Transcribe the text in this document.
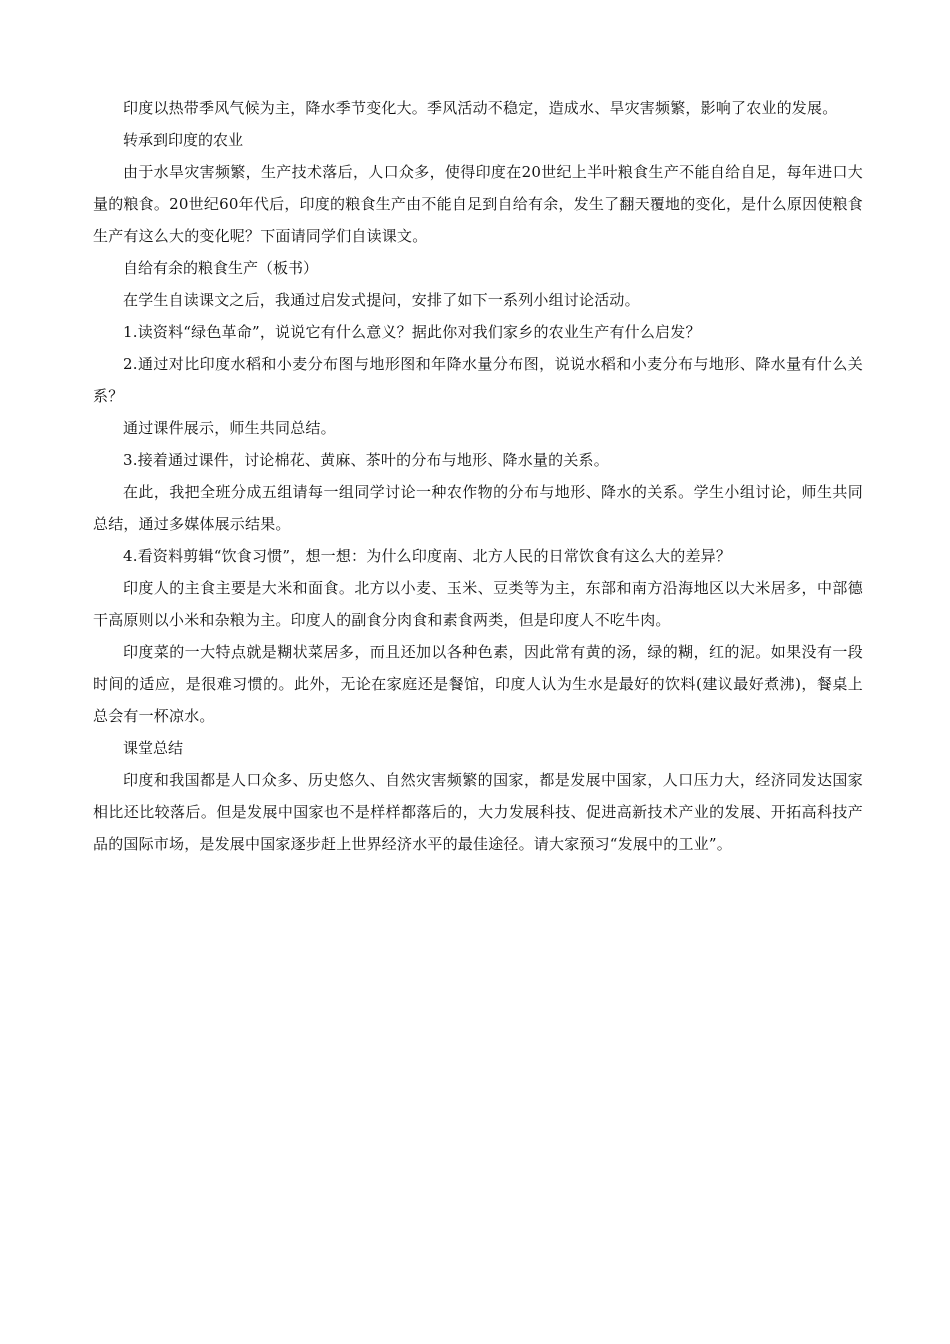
印度以热带季风气候为主，降水季节变化大。季风活动不稳定，造成水、旱灾害频繁，影响了农业的发展。

转承到印度的农业

由于水旱灾害频繁，生产技术落后，人口众多，使得印度在20世纪上半叶粮食生产不能自给自足，每年进口大量的粮食。20世纪60年代后，印度的粮食生产由不能自足到自给有余，发生了翻天覆地的变化，是什么原因使粮食生产有这么大的变化呢？下面请同学们自读课文。

自给有余的粮食生产（板书）

在学生自读课文之后，我通过启发式提问，安排了如下一系列小组讨论活动。

1.读资料“绿色革命”，说说它有什么意义？据此你对我们家乡的农业生产有什么启发？

2.通过对比印度水稻和小麦分布图与地形图和年降水量分布图，说说水稻和小麦分布与地形、降水量有什么关系？

通过课件展示，师生共同总结。

3.接着通过课件，讨论棉花、黄麻、茶叶的分布与地形、降水量的关系。

在此，我把全班分成五组请每一组同学讨论一种农作物的分布与地形、降水的关系。学生小组讨论，师生共同总结，通过多媒体展示结果。

4.看资料剪辑“饮食习惯”，想一想：为什么印度南、北方人民的日常饮食有这么大的差异？

印度人的主食主要是大米和面食。北方以小麦、玉米、豆类等为主，东部和南方沿海地区以大米居多，中部德干高原则以小米和杂粮为主。印度人的副食分肉食和素食两类，但是印度人不吃牛肉。

印度菜的一大特点就是糊状菜居多，而且还加以各种色素，因此常有黄的汤，绿的糊，红的泥。如果没有一段时间的适应，是很难习惯的。此外，无论在家庭还是餐馆，印度人认为生水是最好的饮料(建议最好煮沸)，餐桌上总会有一杯凉水。

课堂总结

印度和我国都是人口众多、历史悠久、自然灾害频繁的国家，都是发展中国家，人口压力大，经济同发达国家相比还比较落后。但是发展中国家也不是样样都落后的，大力发展科技、促进高新技术产业的发展、开拓高科技产品的国际市场，是发展中国家逐步赶上世界经济水平的最佳途径。请大家预习“发展中的工业”。
